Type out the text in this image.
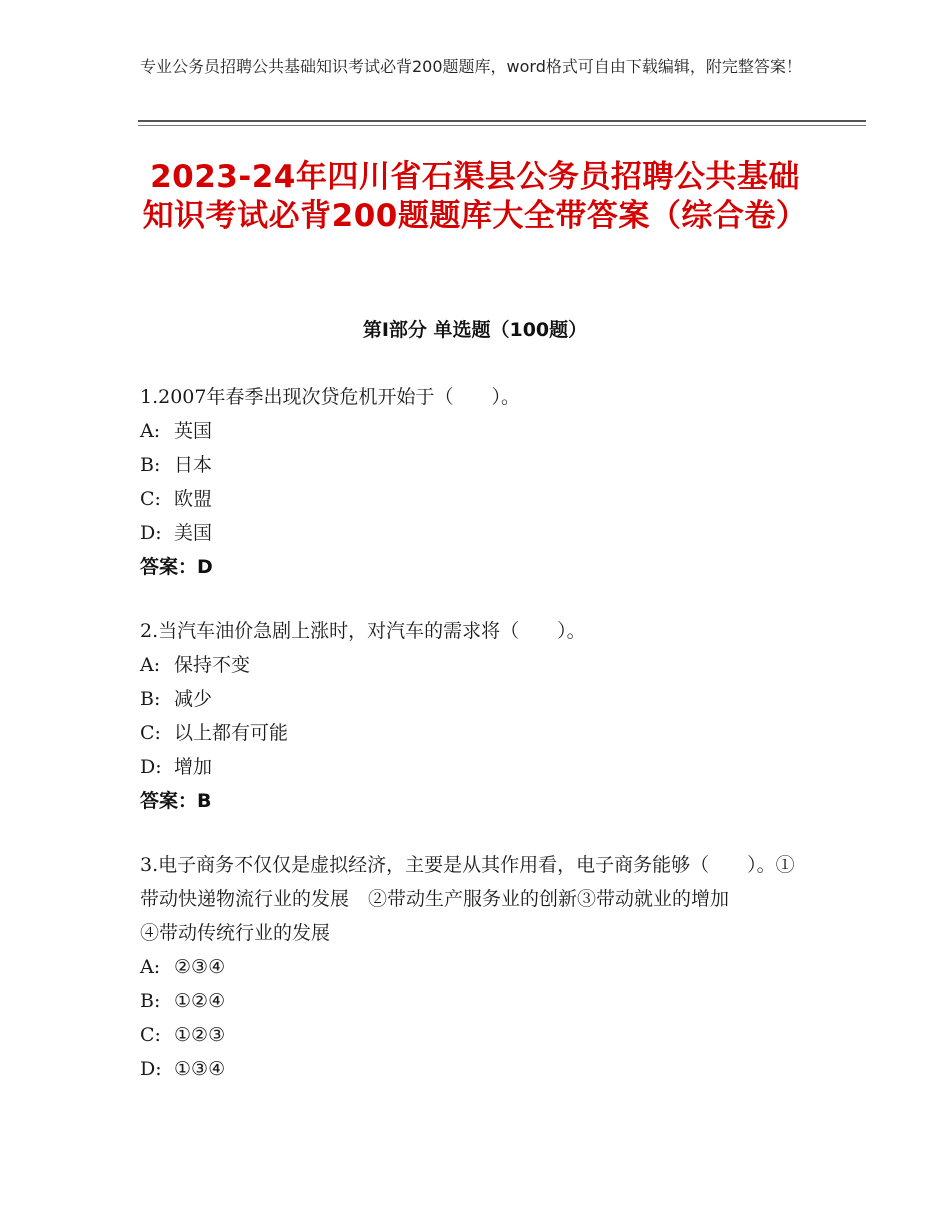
专业公务员招聘公共基础知识考试必背200题题库，word格式可自由下载编辑，附完整答案！
2023-24年四川省石渠县公务员招聘公共基础知识考试必背200题题库大全带答案（综合卷）
第I部分 单选题（100题）
1.2007年春季出现次贷危机开始于（　　）。
A: 英国
B: 日本
C: 欧盟
D: 美国
答案：D
2.当汽车油价急剧上涨时，对汽车的需求将（　　）。
A: 保持不变
B: 减少
C: 以上都有可能
D: 增加
答案：B
3.电子商务不仅仅是虚拟经济，主要是从其作用看，电子商务能够（　　）。①带动快递物流行业的发展　②带动生产服务业的创新③带动就业的增加　　　　④带动传统行业的发展
A: ②③④
B: ①②④
C: ①②③
D: ①③④
